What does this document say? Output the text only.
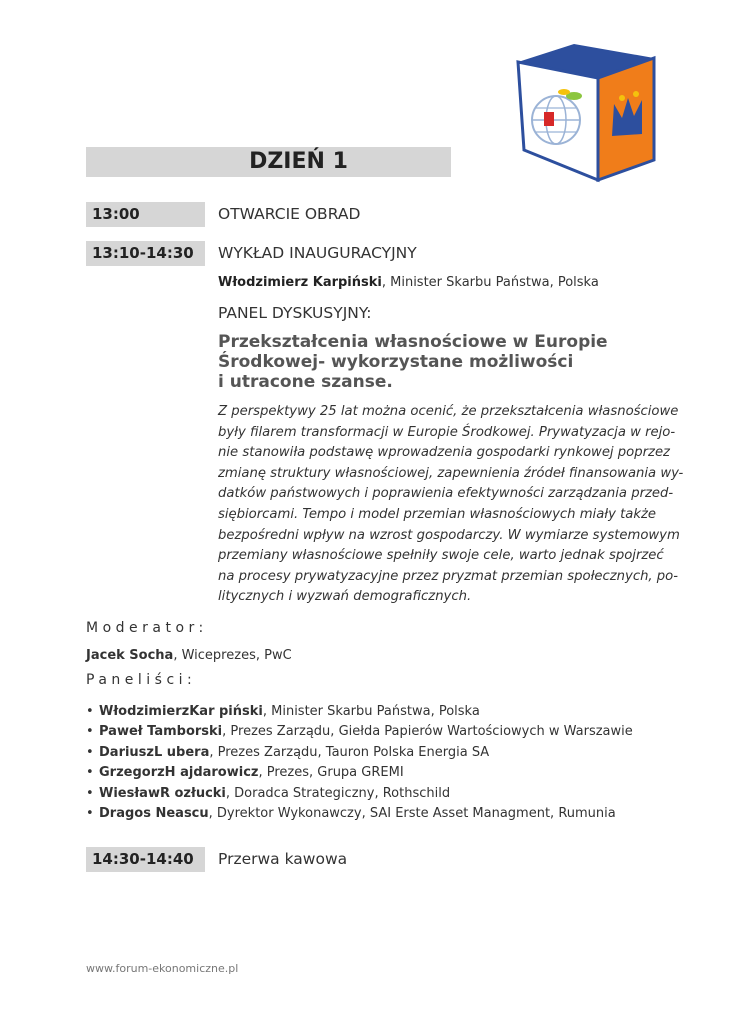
DZIEŃ 1
13:00	OTWARCIE OBRAD
13:10-14:30	WYKŁAD INAUGURACYJNY
Włodzimierz Karpiński, Minister Skarbu Państwa, Polska
PANEL DYSKUSYJNY:
Przekształcenia własnościowe w Europie
Środkowej- wykorzystane możliwości
i utracone szanse.
Z perspektywy 25 lat można ocenić, że przekształcenia własnościowe
były filarem transformacji w Europie Środkowej. Prywatyzacja w rejo-
nie stanowiła podstawę wprowadzenia gospodarki rynkowej poprzez
zmianę struktury własnościowej, zapewnienia źródeł finansowania wy-
datków państwowych i poprawienia efektywności zarządzania przed-
siębiorcami. Tempo i model przemian własnościowych miały także
bezpośredni wpływ na wzrost gospodarczy. W wymiarze systemowym
przemiany własnościowe spełniły swoje cele, warto jednak spojrzeć
na procesy prywatyzacyjne przez pryzmat przemian społecznych, po-
litycznych i wyzwań demograficznych.
Moderator:
Jacek Socha, Wiceprezes, PwC
Paneliści:
• WłodzimierzKar piński, Minister Skarbu Państwa, Polska
• Paweł Tamborski, Prezes Zarządu, Giełda Papierów Wartościowych w Warszawie
• DariuszL ubera, Prezes Zarządu, Tauron Polska Energia SA
• GrzegorzH ajdarowicz, Prezes, Grupa GREMI
• WiesławR ozłucki, Doradca Strategiczny, Rothschild
• Dragos Neascu, Dyrektor Wykonawczy, SAI Erste Asset Managment, Rumunia
14:30-14:40	Przerwa kawowa
www.forum-ekonomiczne.pl
